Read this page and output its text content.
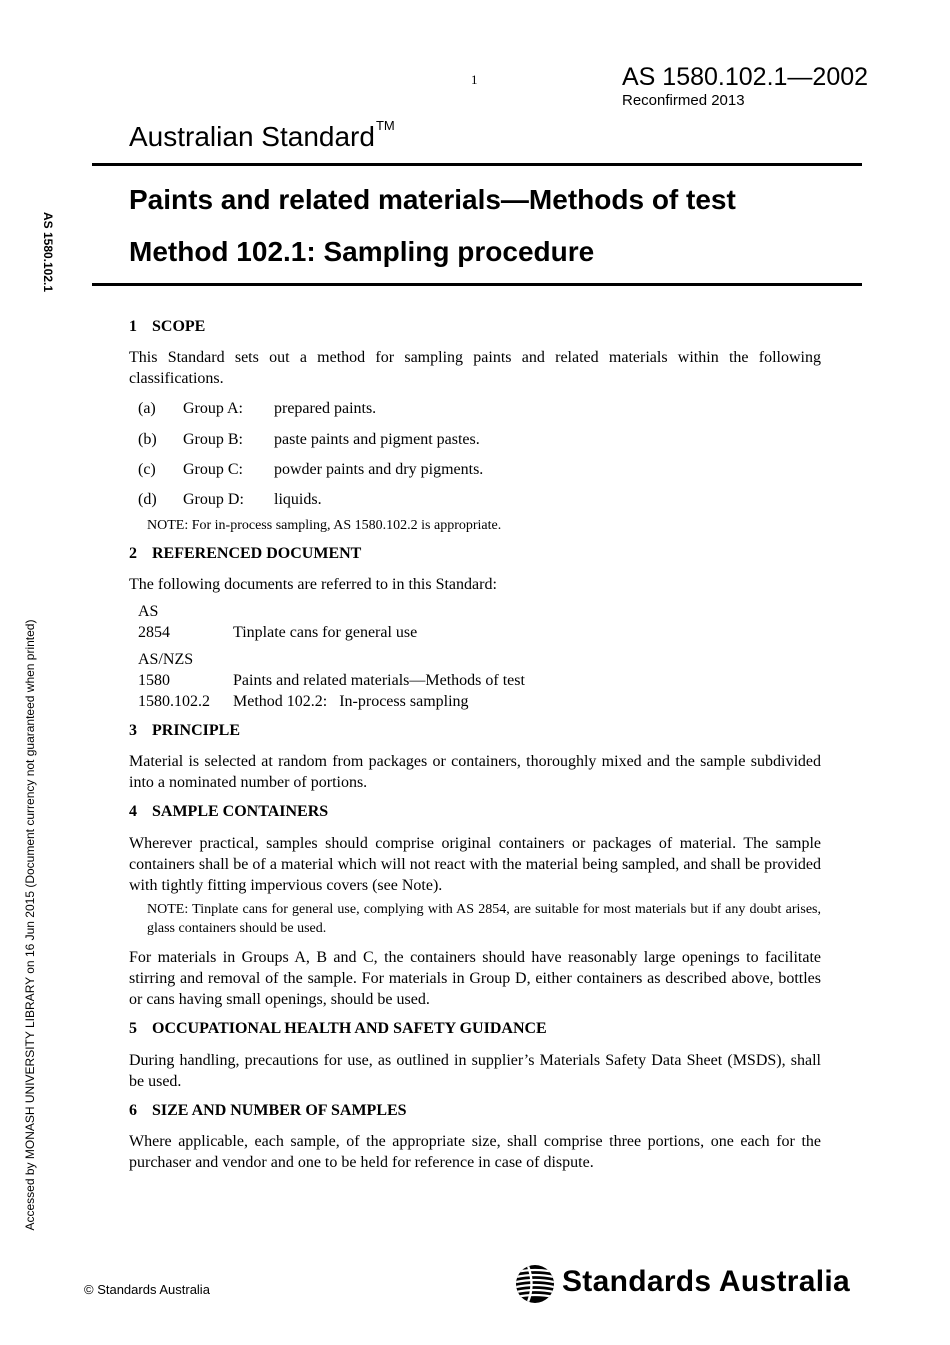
1	AS 1580.102.1—2002
Reconfirmed 2013
Australian Standard™
Paints and related materials—Methods of test
Method 102.1: Sampling procedure
AS 1580.102.1
Accessed by MONASH UNIVERSITY LIBRARY on 16 Jun 2015 (Document currency not guaranteed when printed)
1 SCOPE
This Standard sets out a method for sampling paints and related materials within the following classifications.
(a) Group A: prepared paints.
(b) Group B: paste paints and pigment pastes.
(c) Group C: powder paints and dry pigments.
(d) Group D: liquids.
NOTE: For in-process sampling, AS 1580.102.2 is appropriate.
2 REFERENCED DOCUMENT
The following documents are referred to in this Standard:
AS
2854	Tinplate cans for general use
AS/NZS
1580	Paints and related materials—Methods of test
1580.102.2 Method 102.2:   In-process sampling
3 PRINCIPLE
Material is selected at random from packages or containers, thoroughly mixed and the sample subdivided into a nominated number of portions.
4 SAMPLE CONTAINERS
Wherever practical, samples should comprise original containers or packages of material. The sample containers shall be of a material which will not react with the material being sampled, and shall be provided with tightly fitting impervious covers (see Note).
NOTE: Tinplate cans for general use, complying with AS 2854, are suitable for most materials but if any doubt arises, glass containers should be used.
For materials in Groups A, B and C, the containers should have reasonably large openings to facilitate stirring and removal of the sample. For materials in Group D, either containers as described above, bottles or cans having small openings, should be used.
5 OCCUPATIONAL HEALTH AND SAFETY GUIDANCE
During handling, precautions for use, as outlined in supplier’s Materials Safety Data Sheet (MSDS), shall be used.
6 SIZE AND NUMBER OF SAMPLES
Where applicable, each sample, of the appropriate size, shall comprise three portions, one each for the purchaser and vendor and one to be held for reference in case of dispute.
© Standards Australia	Standards Australia
